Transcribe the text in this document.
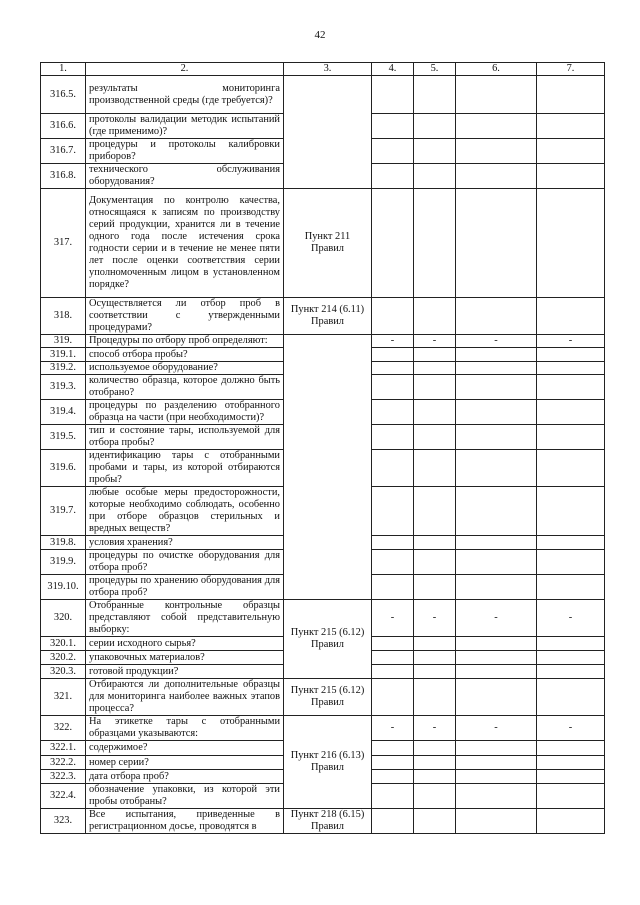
42
1.	2.	3.	4.	5.	6.	7.
316.5.	результаты мониторинга производственной среды (где требуется)?					
316.6.	протоколы валидации методик испытаний (где применимо)?					
316.7.	процедуры и протоколы калибровки приборов?					
316.8.	технического обслуживания оборудования?					
317.	Документация по контролю качества, относящаяся к записям по производству серий продукции, хранится ли в течение одного года после истечения срока годности серии и в течение не менее пяти лет после оценки соответствия серии уполномоченным лицом в установленном порядке?	Пункт 211 Правил				
318.	Осуществляется ли отбор проб в соответствии с утвержденными процедурами?	Пункт 214 (6.11) Правил				
319.	Процедуры по отбору проб определяют:		-	-	-	-
319.1.	способ отбора пробы?					
319.2.	используемое оборудование?					
319.3.	количество образца, которое должно быть отобрано?					
319.4.	процедуры по разделению отобранного образца на части (при необходимости)?					
319.5.	тип и состояние тары, используемой для отбора пробы?					
319.6.	идентификацию тары с отобранными пробами и тары, из которой отбираются пробы?					
319.7.	любые особые меры предосторожности, которые необходимо соблюдать, особенно при отборе образцов стерильных и вредных веществ?					
319.8.	условия хранения?					
319.9.	процедуры по очистке оборудования для отбора проб?					
319.10.	процедуры по хранению оборудования для отбора проб?					
320.	Отобранные контрольные образцы представляют собой представительную выборку:	Пункт 215 (6.12) Правил	-	-	-	-
320.1.	серии исходного сырья?					
320.2.	упаковочных материалов?					
320.3.	готовой продукции?					
321.	Отбираются ли дополнительные образцы для мониторинга наиболее важных этапов процесса?	Пункт 215 (6.12) Правил				
322.	На этикетке тары с отобранными образцами указываются:	Пункт 216 (6.13) Правил	-	-	-	-
322.1.	содержимое?					
322.2.	номер серии?					
322.3.	дата отбора проб?					
322.4.	обозначение упаковки, из которой эти пробы отобраны?					
323.	Все испытания, приведенные в регистрационном досье, проводятся в	Пункт 218 (6.15) Правил				
